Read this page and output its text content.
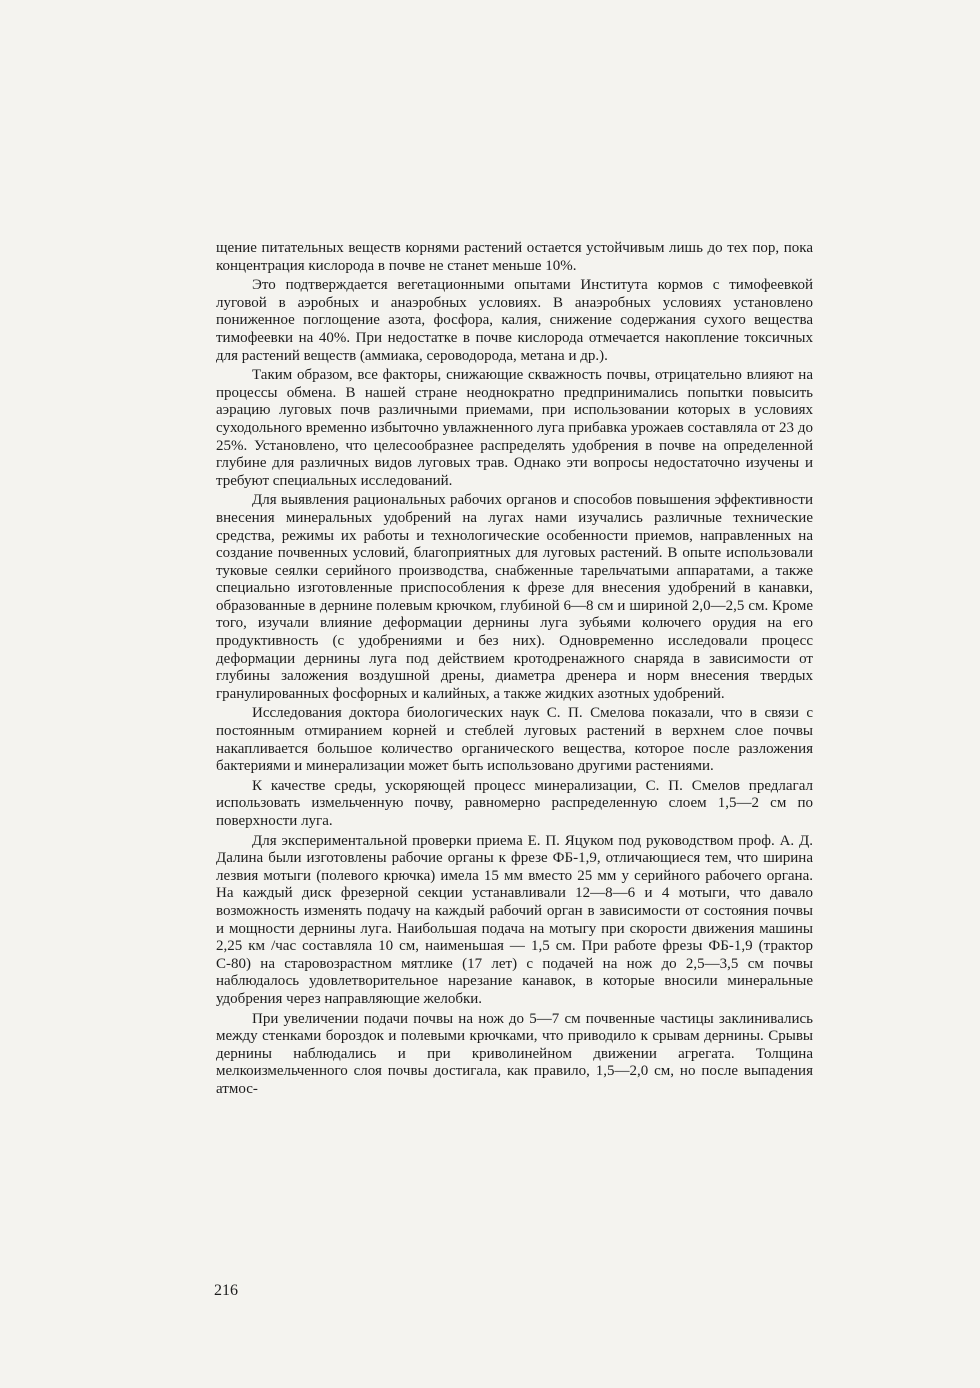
щение питательных веществ корнями растений остается устойчивым лишь до тех пор, пока концентрация кислорода в почве не станет меньше 10%.

Это подтверждается вегетационными опытами Института кормов с тимофеевкой луговой в аэробных и анаэробных условиях. В анаэробных условиях установлено пониженное поглощение азота, фосфора, калия, снижение содержания сухого вещества тимофеевки на 40%. При недостатке в почве кислорода отмечается накопление токсичных для растений веществ (аммиака, сероводорода, метана и др.).

Таким образом, все факторы, снижающие скважность почвы, отрицательно влияют на процессы обмена. В нашей стране неоднократно предпринимались попытки повысить аэрацию луговых почв различными приемами, при использовании которых в условиях суходольного временно избыточно увлажненного луга прибавка урожаев составляла от 23 до 25%. Установлено, что целесообразнее распределять удобрения в почве на определенной глубине для различных видов луговых трав. Однако эти вопросы недостаточно изучены и требуют специальных исследований.

Для выявления рациональных рабочих органов и способов повышения эффективности внесения минеральных удобрений на лугах нами изучались различные технические средства, режимы их работы и технологические особенности приемов, направленных на создание почвенных условий, благоприятных для луговых растений. В опыте использовали туковые сеялки серийного производства, снабженные тарельчатыми аппаратами, а также специально изготовленные приспособления к фрезе для внесения удобрений в канавки, образованные в дернине полевым крючком, глубиной 6—8 см и шириной 2,0—2,5 см. Кроме того, изучали влияние деформации дернины луга зубьями колючего орудия на его продуктивность (с удобрениями и без них). Одновременно исследовали процесс деформации дернины луга под действием кротодренажного снаряда в зависимости от глубины заложения воздушной дрены, диаметра дренера и норм внесения твердых гранулированных фосфорных и калийных, а также жидких азотных удобрений.

Исследования доктора биологических наук С. П. Смелова показали, что в связи с постоянным отмиранием корней и стеблей луговых растений в верхнем слое почвы накапливается большое количество органического вещества, которое после разложения бактериями и минерализации может быть использовано другими растениями.

К качестве среды, ускоряющей процесс минерализации, С. П. Смелов предлагал использовать измельченную почву, равномерно распределенную слоем 1,5—2 см по поверхности луга.

Для экспериментальной проверки приема Е. П. Яцуком под руководством проф. А. Д. Далина были изготовлены рабочие органы к фрезе ФБ-1,9, отличающиеся тем, что ширина лезвия мотыги (полевого крючка) имела 15 мм вместо 25 мм у серийного рабочего органа. На каждый диск фрезерной секции устанавливали 12—8—6 и 4 мотыги, что давало возможность изменять подачу на каждый рабочий орган в зависимости от состояния почвы и мощности дернины луга. Наибольшая подача на мотыгу при скорости движения машины 2,25 км /час составляла 10 см, наименьшая — 1,5 см. При работе фрезы ФБ-1,9 (трактор С-80) на старовозрастном мятлике (17 лет) с подачей на нож до 2,5—3,5 см почвы наблюдалось удовлетворительное нарезание канавок, в которые вносили минеральные удобрения через направляющие желобки.

При увеличении подачи почвы на нож до 5—7 см почвенные частицы заклинивались между стенками бороздок и полевыми крючками, что приводило к срывам дернины. Срывы дернины наблюдались и при криволинейном движении агрегата. Толщина мелкоизмельченного слоя почвы достигала, как правило, 1,5—2,0 см, но после выпадения атмос-

216
